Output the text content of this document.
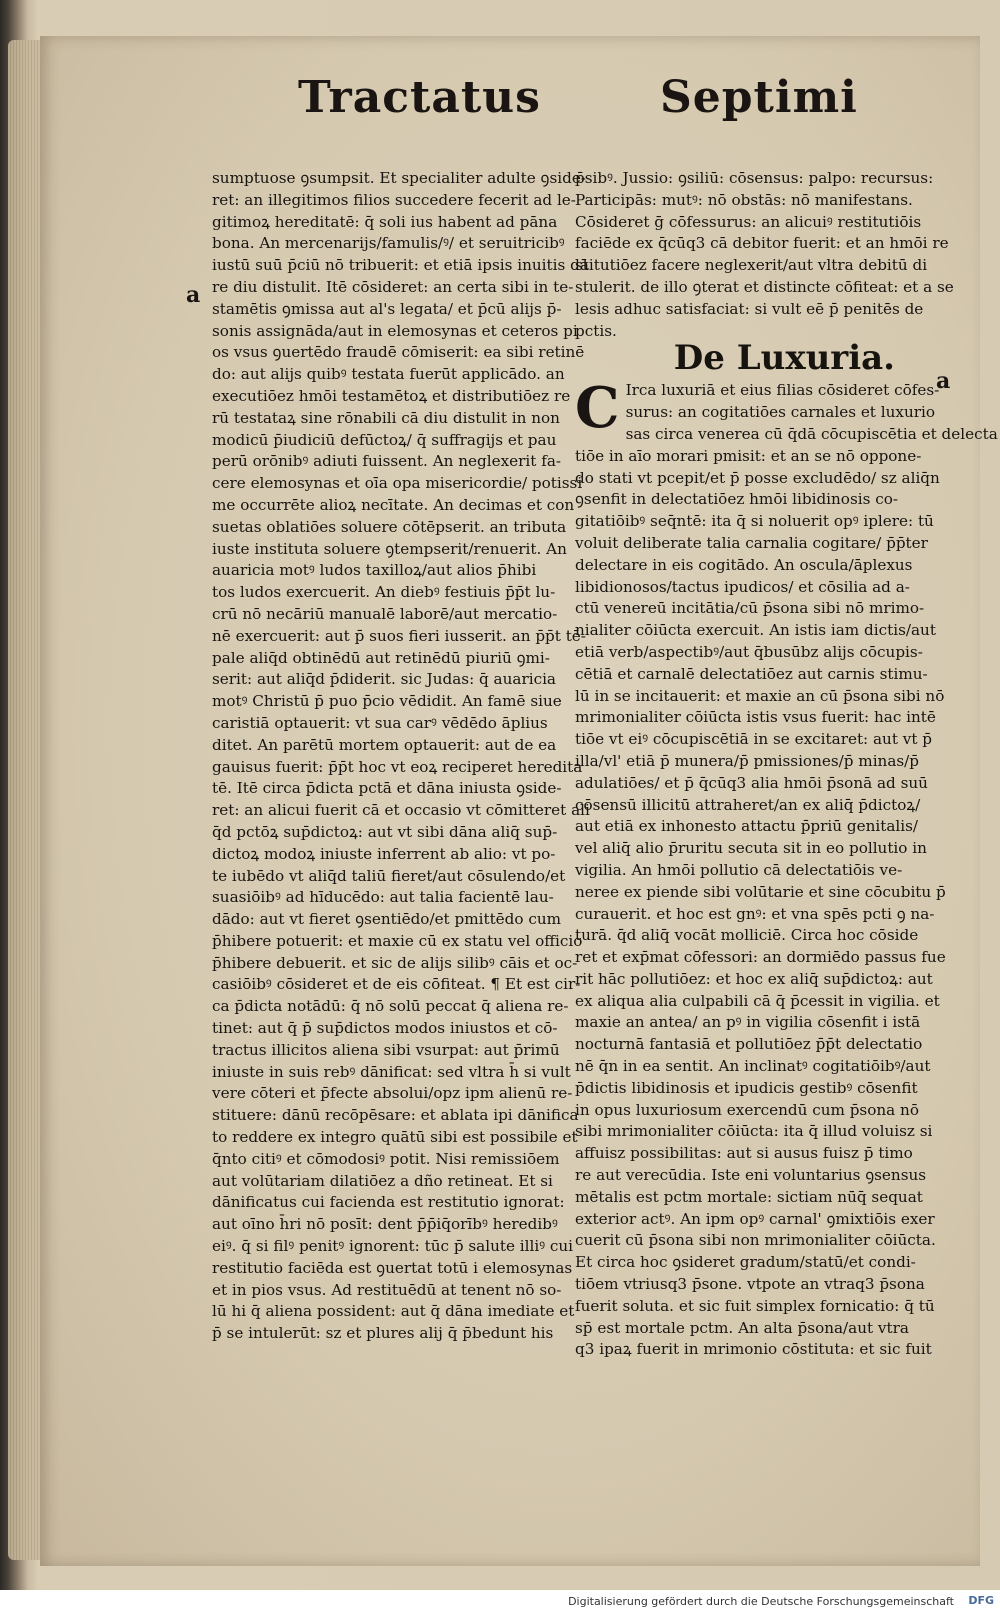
Tractatus	Septimi
a
a
sumptuose ꝯsumpsit. Et specialiter adulte ꝯside-
ret: an illegitimos filios succedere fecerit ad le-
gitimoꝝ hereditatē: q̄ soli ius habent ad pāna
bona. An mercenarijs/famulis/ꝰ/ et seruitricibꝰ
iustū suū p̄ciū nō tribuerit: et etiā ipsis inuitis dā
re diu distulit. Itē cōsideret: an certa sibi in te-
stamētis ꝯmissa aut al's legata/ et p̄cū alijs p̄-
sonis assignāda/aut in elemosynas et ceteros pi
os vsus ꝯuertēdo fraudē cōmiserit: ea sibi retinē
do: aut alijs quibꝰ testata fuerūt applicādo. an
executiōez hmōi testamētoꝝ et distributiōez re
rū testataꝝ sine rōnabili cā diu distulit in non
modicū p̄iudiciū defūctoꝝ/ q̄ suffragijs et pau
perū orōnibꝰ adiuti fuissent. An neglexerit fa-
cere elemosynas et oīa opa misericordie/ potissi
me occurrēte alioꝝ necītate. An decimas et con
suetas oblatiōes soluere cōtēpserit. an tributa
iuste instituta soluere ꝯtempserit/renuerit. An
auaricia motꝰ ludos taxilloꝝ/aut alios p̄hibi
tos ludos exercuerit. An diebꝰ festiuis p̄p̄t lu-
crū nō necāriū manualē laborē/aut mercatio-
nē exercuerit: aut p̄ suos fieri iusserit. an p̄p̄t tē-
pale aliq̄d obtinēdū aut retinēdū piuriū ꝯmi-
serit: aut aliq̄d p̄diderit. sic Judas: q̄ auaricia
motꝰ Christū p̄ puo p̄cio vēdidit. An famē siue
caristiā optauerit: vt sua carꝰ vēdēdo āplius
ditet. An parētū mortem optauerit: aut de ea
gauisus fuerit: p̄p̄t hoc vt eoꝝ reciperet heredita
tē. Itē circa p̄dicta pctā et dāna iniusta ꝯside-
ret: an alicui fuerit cā et occasio vt cōmitteret ali
q̄d pctōꝝ sup̄dictoꝝ: aut vt sibi dāna aliq̄ sup̄-
dictoꝝ modoꝝ iniuste inferrent ab alio: vt po-
te iubēdo vt aliq̄d taliū fieret/aut cōsulendo/et
suasiōibꝰ ad hīducēdo: aut talia facientē lau-
dādo: aut vt fieret ꝯsentiēdo/et pmittēdo cum
p̄hibere potuerit: et maxie cū ex statu vel officio
p̄hibere debuerit. et sic de alijs silibꝰ cāis et oc-
casiōibꝰ cōsideret et de eis cōfiteat. ¶ Et est cir-
ca p̄dicta notādū: q̄ nō solū peccat q̄ aliena re-
tinet: aut q̄ p̄ sup̄dictos modos iniustos et cō-
tractus illicitos aliena sibi vsurpat: aut p̄rimū
iniuste in suis rebꝰ dānificat: sed vltra h̄ si vult
vere cōteri et p̄fecte absolui/opz ipm alienū re-
stituere: dānū recōpēsare: et ablata ipi dānifica
to reddere ex integro quātū sibi est possibile et
q̄nto citiꝰ et cōmodosiꝰ potit. Nisi remissiōem
aut volūtariam dilatiōez a dño retineat. Et si
dānificatus cui facienda est restitutio ignorat:
aut oīno h̄ri nō posīt: dent p̄p̄iq̄orībꝰ heredibꝰ
eiꝰ. q̄ si filꝰ penitꝰ ignorent: tūc p̄ salute illiꝰ cui
restitutio faciēda est ꝯuertat totū i elemosynas
et in pios vsus. Ad restituēdū at tenent nō so-
lū hi q̄ aliena possident: aut q̄ dāna imediate et
p̄ se intulerūt: sz et plures alij q̄ p̄bedunt his
p̄sibꝰ. Jussio: ꝯsiliū: cōsensus: palpo: recursus:
Participās: mutꝰ: nō obstās: nō manifestans.
Cōsideret ḡ cōfessurus: an alicuiꝰ restitutiōis
faciēde ex q̄cūq3 cā debitor fuerit: et an hmōi re
stitutiōez facere neglexerit/aut vltra debitū di
stulerit. de illo ꝯterat et distincte cōfiteat: et a se
lesis adhuc satisfaciat: si vult eē p̄ penitēs de
pctis.
De Luxuria.
C Irca luxuriā et eius filias cōsideret cōfes-
surus: an cogitatiōes carnales et luxurio
sas circa venerea cū q̄dā cōcupiscētia et delecta
tiōe in aīo morari pmisit: et an se nō oppone-
do stati vt pcepit/et p̄ posse excludēdo/ sz aliq̄n
ꝯsenfit in delectatiōez hmōi libidinosis co-
gitatiōibꝰ seq̄ntē: ita q̄ si noluerit opꝰ iplere: tū
voluit deliberate talia carnalia cogitare/ p̄p̄ter
delectare in eis cogitādo. An oscula/āplexus
libidionosos/tactus ipudicos/ et cōsilia ad a-
ctū venereū incitātia/cū p̄sona sibi nō mrimo-
nialiter cōiūcta exercuit. An istis iam dictis/aut
etiā verb/aspectibꝰ/aut q̄busūbz alijs cōcupis-
cētiā et carnalē delectatiōez aut carnis stimu-
lū in se incitauerit: et maxie an cū p̄sona sibi nō
mrimonialiter cōiūcta istis vsus fuerit: hac intē
tiōe vt eiꝰ cōcupiscētiā in se excitaret: aut vt p̄
illa/vl' etiā p̄ munera/p̄ pmissiones/p̄ minas/p̄
adulatiōes/ et p̄ q̄cūq3 alia hmōi p̄sonā ad suū
cōsensū illicitū attraheret/an ex aliq̄ p̄dictoꝝ/
aut etiā ex inhonesto attactu p̄priū genitalis/
vel aliq̄ alio p̄ruritu secuta sit in eo pollutio in
vigilia. An hmōi pollutio cā delectatiōis ve-
neree ex piende sibi volūtarie et sine cōcubitu p̄
curauerit. et hoc est gnꝰ: et vna spēs pcti ꝯ na-
turā. q̄d aliq̄ vocāt molliciē. Circa hoc cōside
ret et exp̄mat cōfessori: an dormiēdo passus fue
rit hāc pollutiōez: et hoc ex aliq̄ sup̄dictoꝝ: aut
ex aliqua alia culpabili cā q̄ p̄cessit in vigilia. et
maxie an antea/ an pꝰ in vigilia cōsenfit i istā
nocturnā fantasiā et pollutiōez p̄p̄t delectatio
nē q̄n in ea sentit. An inclinatꝰ cogitatiōibꝰ/aut
p̄dictis libidinosis et ipudicis gestibꝰ cōsenfit
in opus luxuriosum exercendū cum p̄sona nō
sibi mrimonialiter cōiūcta: ita q̄ illud voluisz si
affuisz possibilitas: aut si ausus fuisz p̄ timo
re aut verecūdia. Iste eni voluntarius ꝯsensus
mētalis est pctm mortale: sictiam nūq̄ sequat
exterior actꝰ. An ipm opꝰ carnal' ꝯmixtiōis exer
cuerit cū p̄sona sibi non mrimonialiter cōiūcta.
Et circa hoc ꝯsideret gradum/statū/et condi-
tiōem vtriusq3 p̄sone. vtpote an vtraq3 p̄sona
fuerit soluta. et sic fuit simplex fornicatio: q̄ tū
sp̄ est mortale pctm. An alta p̄sona/aut vtra
q3 ipaꝝ fuerit in mrimonio cōstituta: et sic fuit
Digitalisierung gefördert durch die Deutsche Forschungsgemeinschaft DFG
